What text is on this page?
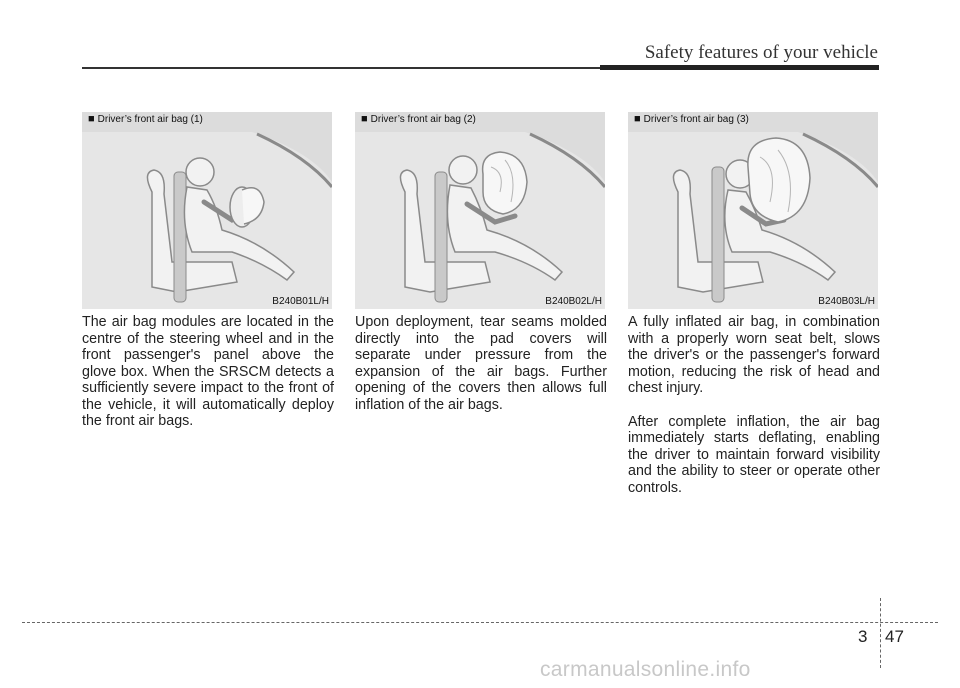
Safety features of your vehicle
■ Driver’s front air bag (1)
B240B01L/H
■ Driver’s front air bag (2)
B240B02L/H
■ Driver’s front air bag (3)
B240B03L/H

The air bag modules are located in the centre of the steering wheel and in the front passenger's panel above the glove box. When the SRSCM detects a sufficiently severe impact to the front of the vehicle, it will automatically deploy the front air bags.

Upon deployment, tear seams molded directly into the pad covers will separate under pressure from the expansion of the air bags. Further opening of the covers then allows full inflation of the air bags.

A fully inflated air bag, in combination with a properly worn seat belt, slows the driver's or the passenger's forward motion, reducing the risk of head and chest injury.

After complete inflation, the air bag immediately starts deflating, enabling the driver to maintain forward visibility and the ability to steer or operate other controls.

3 47
carmanualsonline.info
